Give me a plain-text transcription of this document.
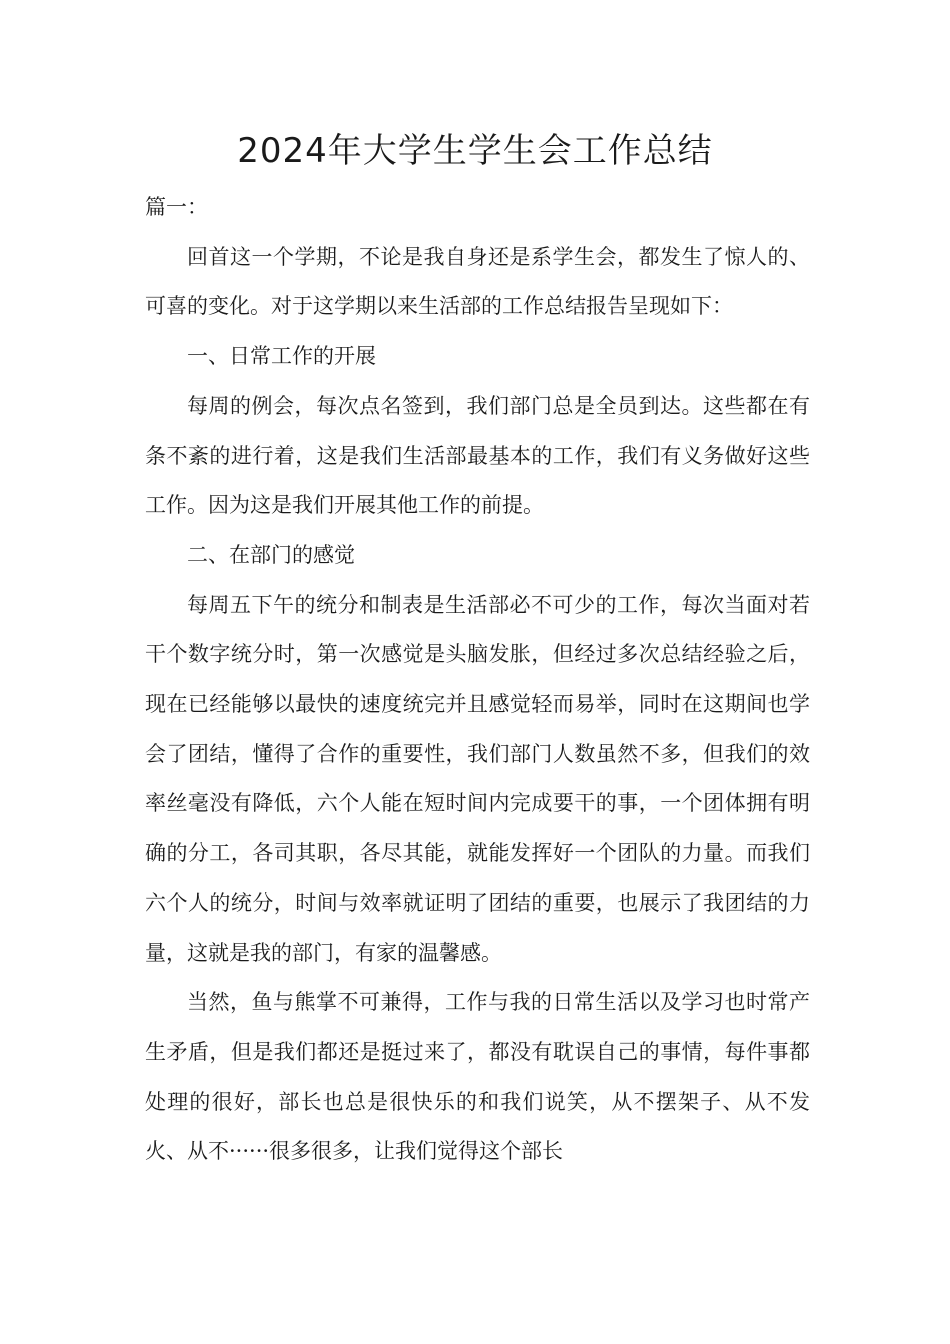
2024年大学生学生会工作总结

篇一：

回首这一个学期，不论是我自身还是系学生会，都发生了惊人的、可喜的变化。对于这学期以来生活部的工作总结报告呈现如下：

一、日常工作的开展

每周的例会，每次点名签到，我们部门总是全员到达。这些都在有条不紊的进行着，这是我们生活部最基本的工作，我们有义务做好这些工作。因为这是我们开展其他工作的前提。

二、在部门的感觉

每周五下午的统分和制表是生活部必不可少的工作，每次当面对若干个数字统分时，第一次感觉是头脑发胀，但经过多次总结经验之后，现在已经能够以最快的速度统完并且感觉轻而易举，同时在这期间也学会了团结，懂得了合作的重要性，我们部门人数虽然不多，但我们的效率丝毫没有降低，六个人能在短时间内完成要干的事，一个团体拥有明确的分工，各司其职，各尽其能，就能发挥好一个团队的力量。而我们六个人的统分，时间与效率就证明了团结的重要，也展示了我团结的力量，这就是我的部门，有家的温馨感。

当然，鱼与熊掌不可兼得，工作与我的日常生活以及学习也时常产生矛盾，但是我们都还是挺过来了，都没有耽误自己的事情，每件事都处理的很好，部长也总是很快乐的和我们说笑，从不摆架子、从不发火、从不······很多很多，让我们觉得这个部长
